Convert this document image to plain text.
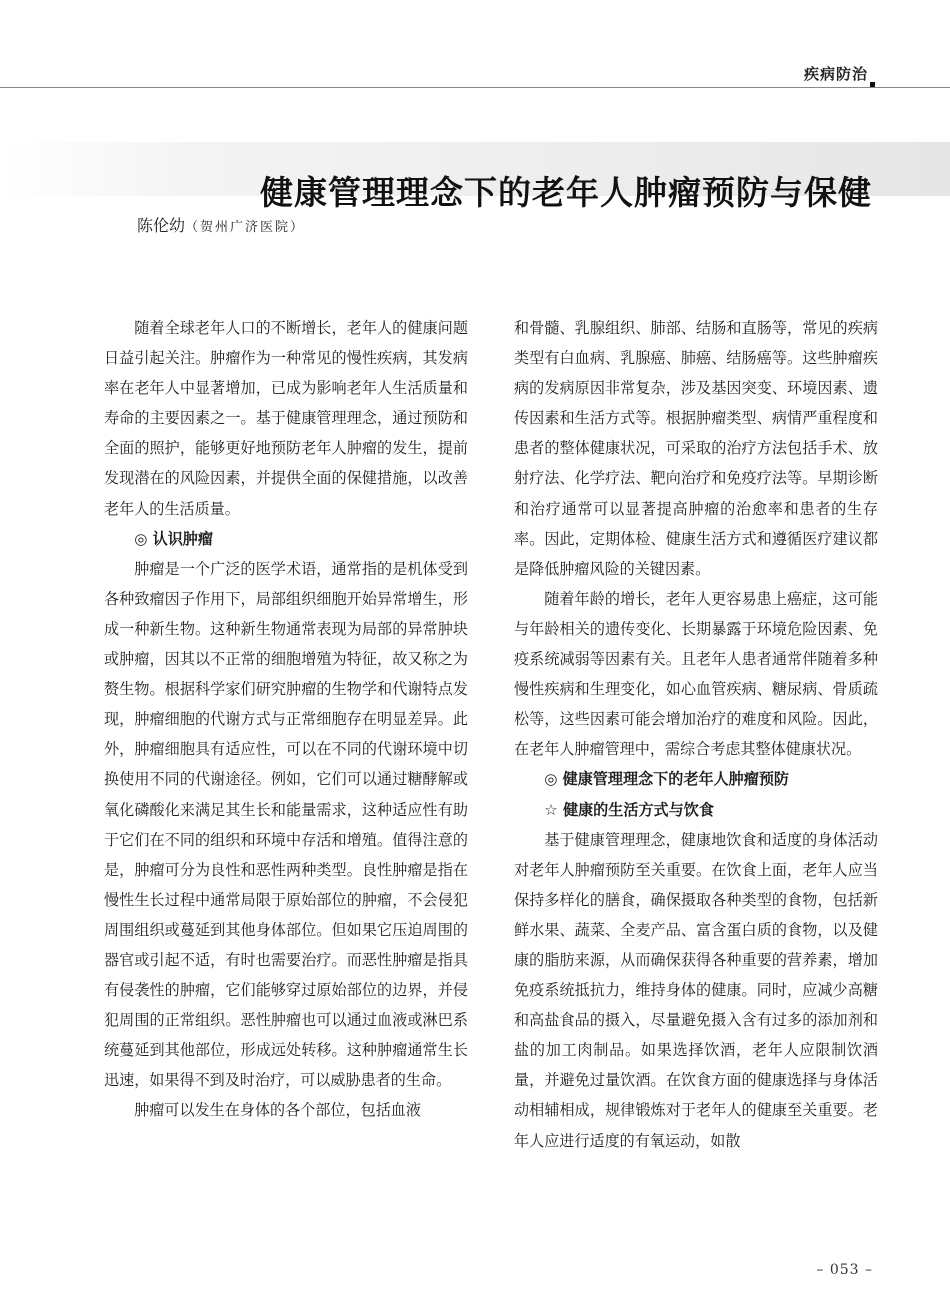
疾病防治
健康管理理念下的老年人肿瘤预防与保健
陈伦幼（贺州广济医院）

随着全球老年人口的不断增长，老年人的健康问题日益引起关注。肿瘤作为一种常见的慢性疾病，其发病率在老年人中显著增加，已成为影响老年人生活质量和寿命的主要因素之一。基于健康管理理念，通过预防和全面的照护，能够更好地预防老年人肿瘤的发生，提前发现潜在的风险因素，并提供全面的保健措施，以改善老年人的生活质量。

◎ 认识肿瘤

肿瘤是一个广泛的医学术语，通常指的是机体受到各种致瘤因子作用下，局部组织细胞开始异常增生，形成一种新生物。这种新生物通常表现为局部的异常肿块或肿瘤，因其以不正常的细胞增殖为特征，故又称之为赘生物。根据科学家们研究肿瘤的生物学和代谢特点发现，肿瘤细胞的代谢方式与正常细胞存在明显差异。此外，肿瘤细胞具有适应性，可以在不同的代谢环境中切换使用不同的代谢途径。例如，它们可以通过糖酵解或氧化磷酸化来满足其生长和能量需求，这种适应性有助于它们在不同的组织和环境中存活和增殖。值得注意的是，肿瘤可分为良性和恶性两种类型。良性肿瘤是指在慢性生长过程中通常局限于原始部位的肿瘤，不会侵犯周围组织或蔓延到其他身体部位。但如果它压迫周围的器官或引起不适，有时也需要治疗。而恶性肿瘤是指具有侵袭性的肿瘤，它们能够穿过原始部位的边界，并侵犯周围的正常组织。恶性肿瘤也可以通过血液或淋巴系统蔓延到其他部位，形成远处转移。这种肿瘤通常生长迅速，如果得不到及时治疗，可以威胁患者的生命。

肿瘤可以发生在身体的各个部位，包括血液

和骨髓、乳腺组织、肺部、结肠和直肠等，常见的疾病类型有白血病、乳腺癌、肺癌、结肠癌等。这些肿瘤疾病的发病原因非常复杂，涉及基因突变、环境因素、遗传因素和生活方式等。根据肿瘤类型、病情严重程度和患者的整体健康状况，可采取的治疗方法包括手术、放射疗法、化学疗法、靶向治疗和免疫疗法等。早期诊断和治疗通常可以显著提高肿瘤的治愈率和患者的生存率。因此，定期体检、健康生活方式和遵循医疗建议都是降低肿瘤风险的关键因素。

随着年龄的增长，老年人更容易患上癌症，这可能与年龄相关的遗传变化、长期暴露于环境危险因素、免疫系统减弱等因素有关。且老年人患者通常伴随着多种慢性疾病和生理变化，如心血管疾病、糖尿病、骨质疏松等，这些因素可能会增加治疗的难度和风险。因此，在老年人肿瘤管理中，需综合考虑其整体健康状况。

◎ 健康管理理念下的老年人肿瘤预防
☆ 健康的生活方式与饮食

基于健康管理理念，健康地饮食和适度的身体活动对老年人肿瘤预防至关重要。在饮食上面，老年人应当保持多样化的膳食，确保摄取各种类型的食物，包括新鲜水果、蔬菜、全麦产品、富含蛋白质的食物，以及健康的脂肪来源，从而确保获得各种重要的营养素，增加免疫系统抵抗力，维持身体的健康。同时，应减少高糖和高盐食品的摄入，尽量避免摄入含有过多的添加剂和盐的加工肉制品。如果选择饮酒，老年人应限制饮酒量，并避免过量饮酒。在饮食方面的健康选择与身体活动相辅相成，规律锻炼对于老年人的健康至关重要。老年人应进行适度的有氧运动，如散

– 053 –
